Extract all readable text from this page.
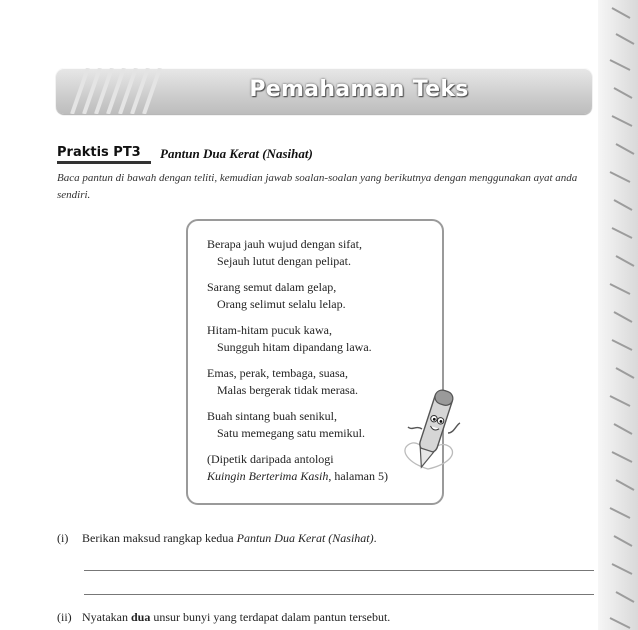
Pemahaman Teks
Praktis PT3 Pantun Dua Kerat (Nasihat)
Baca pantun di bawah dengan teliti, kemudian jawab soalan-soalan yang berikutnya dengan menggunakan ayat anda sendiri.
Berapa jauh wujud dengan sifat,
Sejauh lutut dengan pelipat.
Sarang semut dalam gelap,
Orang selimut selalu lelap.
Hitam-hitam pucuk kawa,
Sungguh hitam dipandang lawa.
Emas, perak, tembaga, suasa,
Malas bergerak tidak merasa.
Buah sintang buah senikul,
Satu memegang satu memikul.
(Dipetik daripada antologi
Kuingin Berterima Kasih, halaman 5)
(i) Berikan maksud rangkap kedua Pantun Dua Kerat (Nasihat).
(ii) Nyatakan dua unsur bunyi yang terdapat dalam pantun tersebut.
